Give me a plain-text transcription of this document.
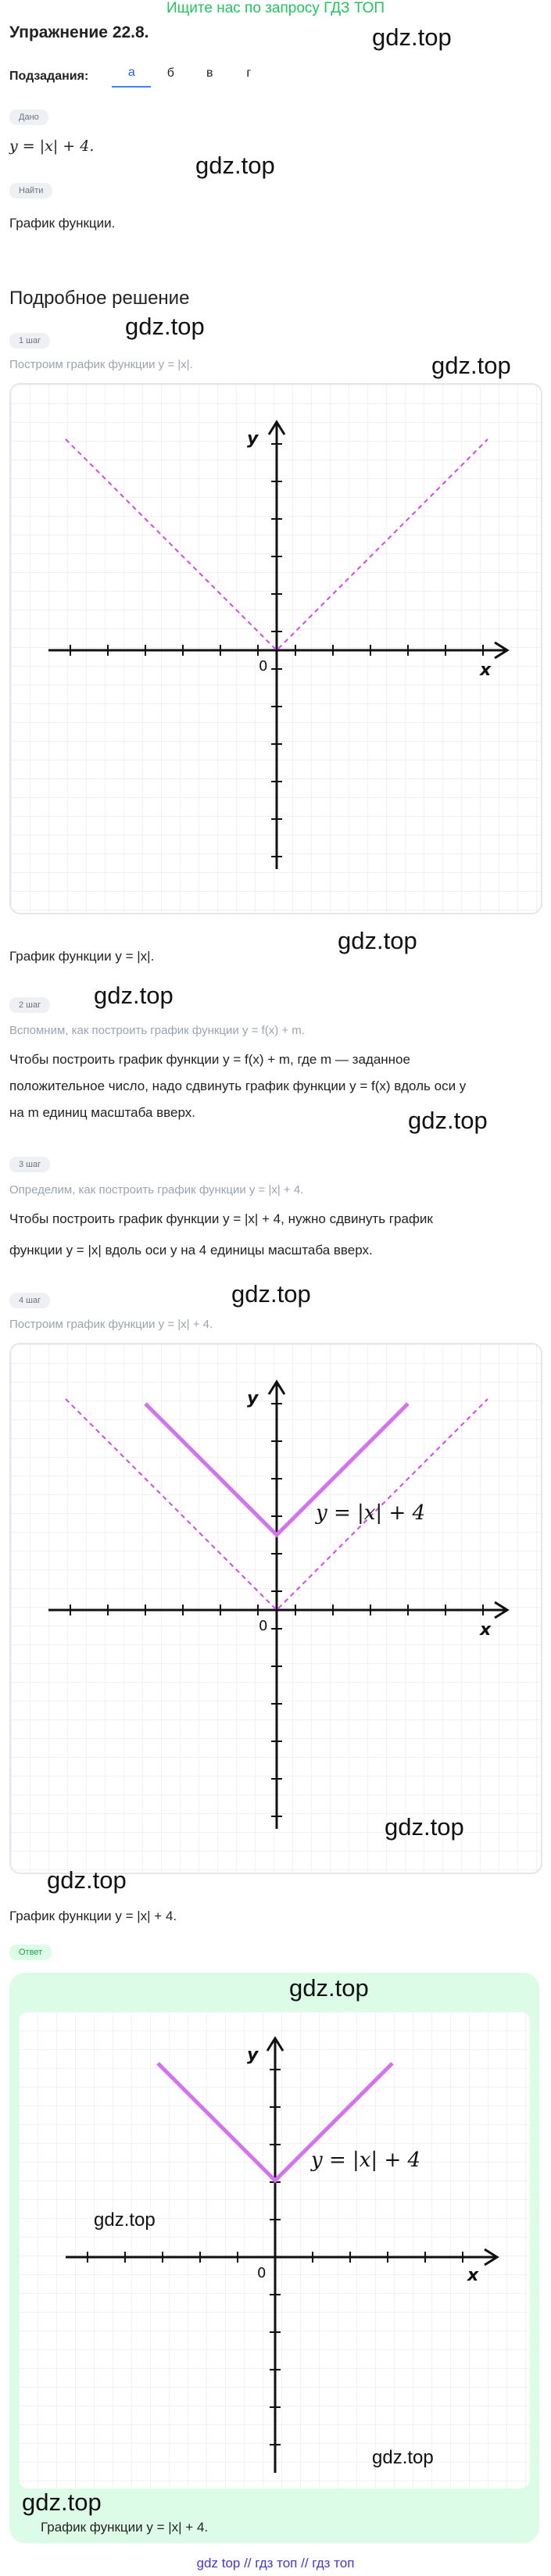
Ищите нас по запросу ГДЗ ТОП
Упражнение 22.8.	gdz.top
Подзадания:	а	б	в	г
Дано
y = |x| + 4.
gdz.top
Найти
График функции.
Подробное решение
gdz.top
1 шаг
Построим график функции y = |x|.	gdz.top
y
x
0
График функции y = |x|.
gdz.top
gdz.top
2 шаг
Вспомним, как построить график функции y = f(x) + m.
Чтобы построить график функции y = f(x) + m, где m — заданное
положительное число, надо сдвинуть график функции y = f(x) вдоль оси y
на m единиц масштаба вверх.	gdz.top
3 шаг
Определим, как построить график функции y = |x| + 4.
Чтобы построить график функции y = |x| + 4, нужно сдвинуть график
функции y = |x| вдоль оси y на 4 единицы масштаба вверх.
4 шаг	gdz.top
Построим график функции y = |x| + 4.
y = |x| + 4
y
x
0
gdz.top
gdz.top
График функции y = |x| + 4.
Ответ
gdz.top
y = |x| + 4
y
x
0
gdz.top
gdz.top
gdz.top
График функции y = |x| + 4.
gdz top // гдз топ // гдз топ
